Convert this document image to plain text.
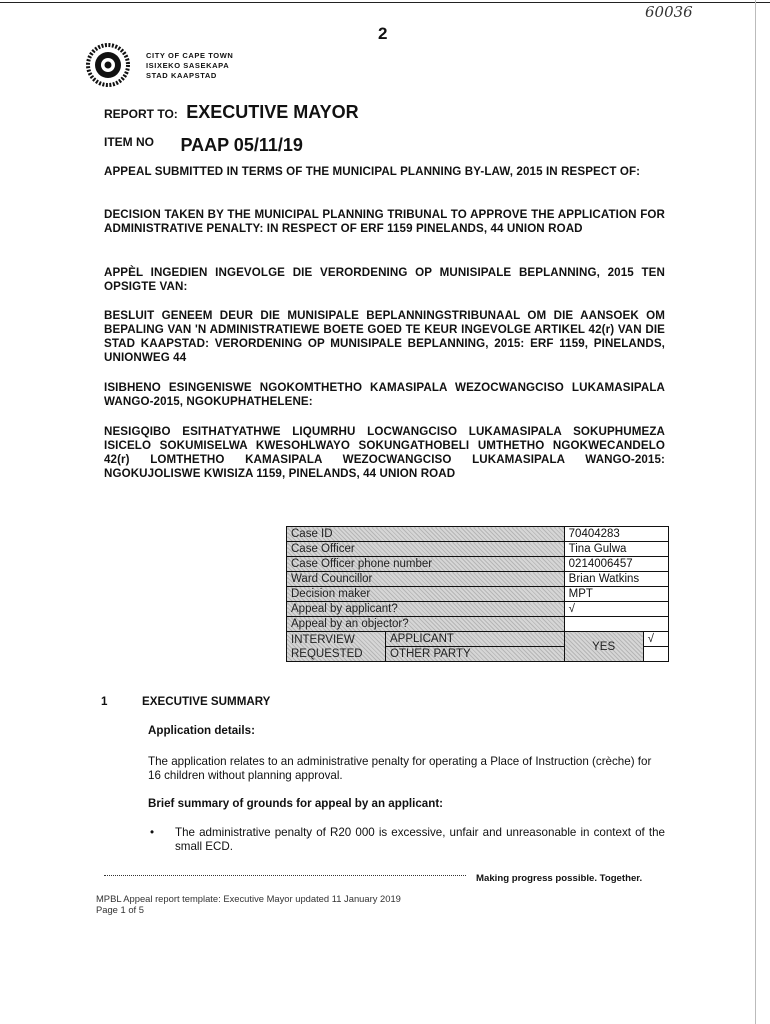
60036
2
CITY OF CAPE TOWN
ISIXEKO SASEKAPA
STAD KAAPSTAD
REPORT TO: EXECUTIVE MAYOR
$^{ITEM NO}$ PAAP 05/11/19
APPEAL SUBMITTED IN TERMS OF THE MUNICIPAL PLANNING BY-LAW, 2015 IN RESPECT OF:
DECISION TAKEN BY THE MUNICIPAL PLANNING TRIBUNAL TO APPROVE THE APPLICATION FOR ADMINISTRATIVE PENALTY: IN RESPECT OF ERF 1159 PINELANDS, 44 UNION ROAD
APPÈL INGEDIEN INGEVOLGE DIE VERORDENING OP MUNISIPALE BEPLANNING, 2015 TEN OPSIGTE VAN:
BESLUIT GENEEM DEUR DIE MUNISIPALE BEPLANNINGSTRIBUNAAL OM DIE AANSOEK OM BEPALING VAN 'N ADMINISTRATIEWE BOETE GOED TE KEUR INGEVOLGE ARTIKEL 42(r) VAN DIE STAD KAAPSTAD: VERORDENING OP MUNISIPALE BEPLANNING, 2015: ERF 1159, PINELANDS, UNIONWEG 44
ISIBHENO ESINGENISWE NGOKOMTHETHO KAMASIPALA WEZOCWANGCISO LUKAMASIPALA WANGO-2015, NGOKUPHATHELENE:
NESIGQIBO ESITHATYATHWE LIQUMRHU LOCWANGCISO LUKAMASIPALA SOKUPHUMEZA ISICELO SOKUMISELWA KWESOHLWAYO SOKUNGATHOBELI UMTHETHO NGOKWECANDELO 42(r) LOMTHETHO KAMASIPALA WEZOCWANGCISO LUKAMASIPALA WANGO-2015: NGOKUJOLISWE KWISIZA 1159, PINELANDS, 44 UNION ROAD
Case ID		70404283	
Case Officer		Tina Gulwa	
Case Officer phone number		0214006457	
Ward Councillor		Brian Watkins	
Decision maker		MPT	
Appeal by applicant?		√	
Appeal by an objector?			

INTERVIEW
REQUESTED	APPLICANT	YES	√
	OTHER PARTY		
1	EXECUTIVE SUMMARY
Application details:
The application relates to an administrative penalty for operating a Place of Instruction (crèche) for 16 children without planning approval.
Brief summary of grounds for appeal by an applicant:
• The administrative penalty of R20 000 is excessive, unfair and unreasonable in context of the small ECD.
Making progress possible. Together.
MPBL Appeal report template: Executive Mayor updated 11 January 2019
Page 1 of 5
